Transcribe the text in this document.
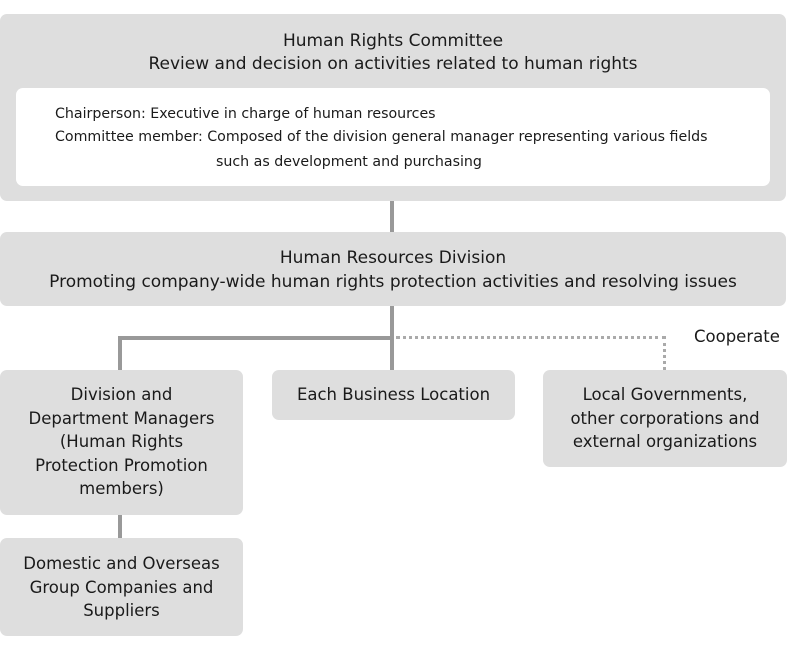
Human Rights Committee
Review and decision on activities related to human rights
Chairperson: Executive in charge of human resources
Committee member: Composed of the division general manager representing various fields
such as development and purchasing
Human Resources Division
Promoting company-wide human rights protection activities and resolving issues
Cooperate
Division and
Department Managers
(Human Rights
Protection Promotion
members)
Each Business Location	Local Governments,
other corporations and
external organizations
Domestic and Overseas
Group Companies and
Suppliers
